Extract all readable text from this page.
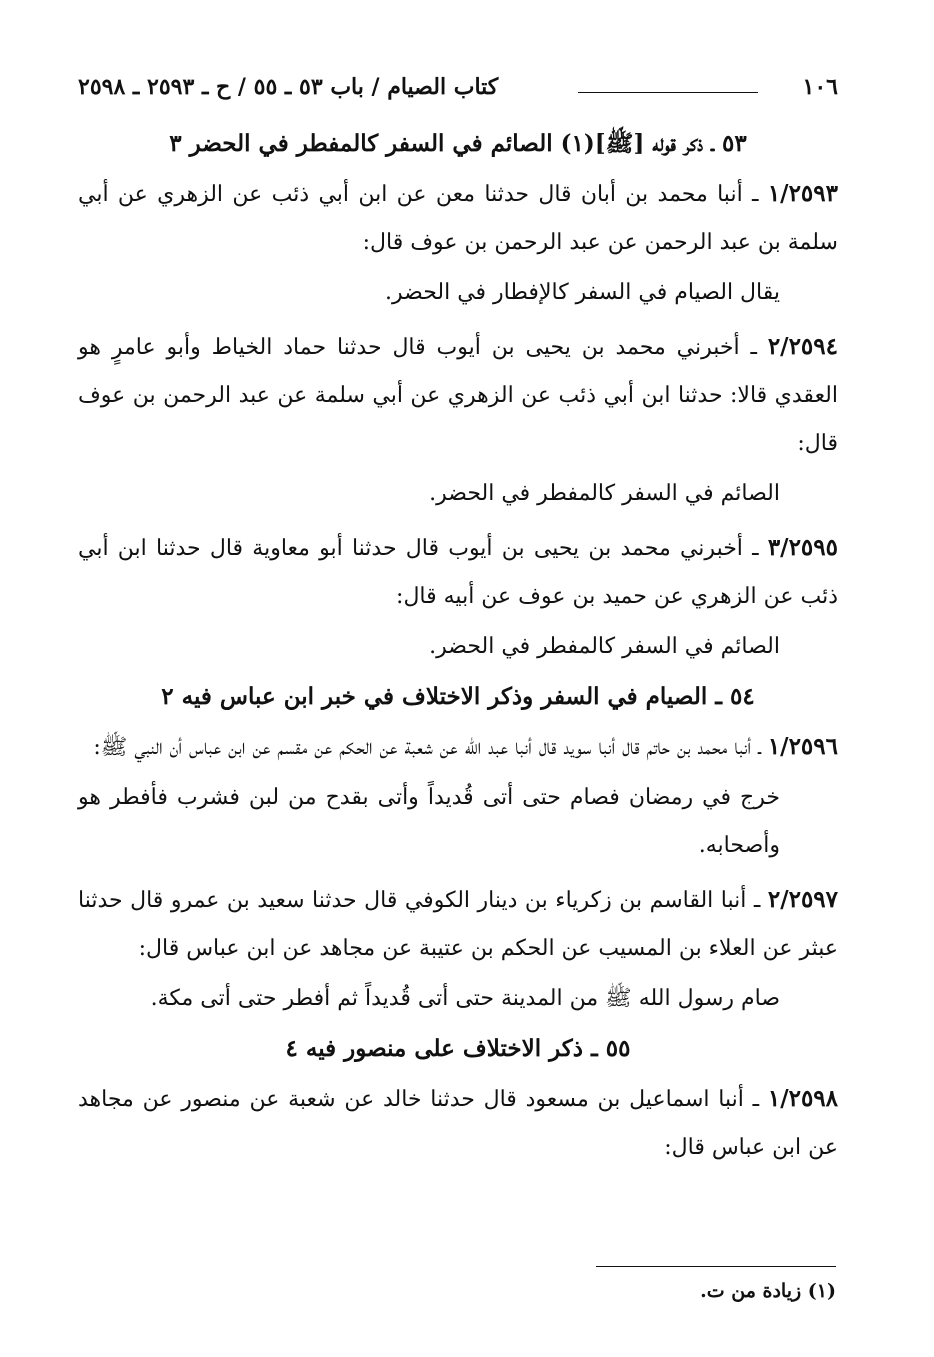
١٠٦
كتاب الصيام / باب ٥٣ ـ ٥٥ / ح ـ ٢٥٩٣ ـ ٢٥٩٨
٥٣ ـ ذكر قوله [ﷺ](١) الصائم في السفر كالمفطر في الحضر ٣

١/٢٥٩٣ ـ أنبا محمد بن أبان قال حدثنا معن عن ابن أبي ذئب عن الزهري عن أبي سلمة بن عبد الرحمن عن عبد الرحمن بن عوف قال:

يقال الصيام في السفر كالإفطار في الحضر.

٢/٢٥٩٤ ـ أخبرني محمد بن يحيى بن أيوب قال حدثنا حماد الخياط وأبو عامرٍ هو العقدي قالا: حدثنا ابن أبي ذئب عن الزهري عن أبي سلمة عن عبد الرحمن بن عوف قال:

الصائم في السفر كالمفطر في الحضر.

٣/٢٥٩٥ ـ أخبرني محمد بن يحيى بن أيوب قال حدثنا أبو معاوية قال حدثنا ابن أبي ذئب عن الزهري عن حميد بن عوف عن أبيه قال:

الصائم في السفر كالمفطر في الحضر.

٥٤ ـ الصيام في السفر وذكر الاختلاف في خبر ابن عباس فيه ٢

١/٢٥٩٦ ـ أنبا محمد بن حاتم قال أنبا سويد قال أنبا عبد الله عن شعبة عن الحكم عن مقسم عن ابن عباس أن النبي ﷺ:

خرج في رمضان فصام حتى أتى قُديداً وأتى بقدح من لبن فشرب فأفطر هو وأصحابه.

٢/٢٥٩٧ ـ أنبا القاسم بن زكرياء بن دينار الكوفي قال حدثنا سعيد بن عمرو قال حدثنا عبثر عن العلاء بن المسيب عن الحكم بن عتيبة عن مجاهد عن ابن عباس قال:

صام رسول الله ﷺ من المدينة حتى أتى قُديداً ثم أفطر حتى أتى مكة.

٥٥ ـ ذكر الاختلاف على منصور فيه ٤

١/٢٥٩٨ ـ أنبا اسماعيل بن مسعود قال حدثنا خالد عن شعبة عن منصور عن مجاهد عن ابن عباس قال:

(١) زيادة من ت.
